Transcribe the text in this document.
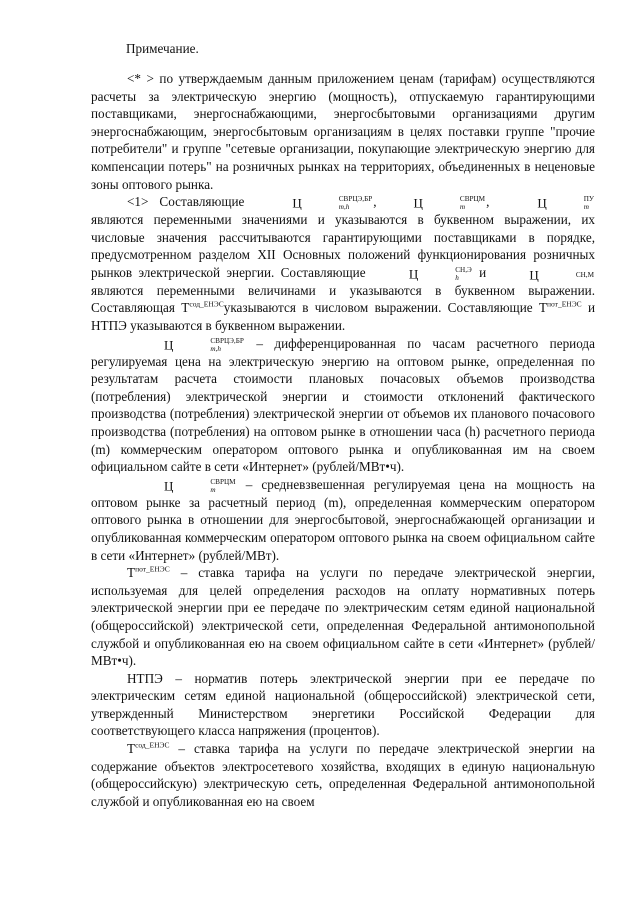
Примечание.

<* > по утверждаемым данным приложением ценам (тарифам) осуществляются расчеты за электрическую энергию (мощность), отпускаемую гарантирующими поставщиками, энергоснабжающими, энергосбытовыми организациями другим энергоснабжающим, энергосбытовым организациям в целях поставки группе "прочие потребители" и группе "сетевые организации, покупающие электрическую энергию для компенсации потерь" на розничных рынках на территориях, объединенных в неценовые зоны оптового рынка.

<1> Составляющие	Ц	СВРЦЭ,БР
m,h	,	Ц	СВРЦМ
m	,	Ц	ПУ
m
являются переменными значениями и указываются в буквенном выражении, их числовые значения рассчитываются гарантирующими поставщиками в порядке, предусмотренном разделом XII Основных положений функционирования розничных рынков электрической энергии. Составляющие	Ц	СН,Э
h	и	Ц	СН,М
являются переменными величинами и указываются в буквенном выражении. Составляющая $Т^{сод\_ЕНЭС}указываются$ в числовом выражении. Составляющие $Т^{пот\_ЕНЭС}$ и НТПЭ указываются в буквенном выражении.

Ц	СВРЦЭ,БР
m,h	– дифференцированная по часам расчетного периода регулируемая цена на электрическую энергию на оптовом рынке, определенная по результатам расчета стоимости плановых почасовых объемов производства (потребления) электрической энергии и стоимости отклонений фактического производства (потребления) электрической энергии от объемов их планового почасового производства (потребления) на оптовом рынке в отношении часа (h) расчетного периода (m) коммерческим оператором оптового рынка и опубликованная им на своем официальном сайте в сети «Интернет» (рублей/МВт•ч).

Ц	СВРЦМ
m	– средневзвешенная регулируемая цена на мощность на оптовом рынке за расчетный период (m), определенная коммерческим оператором оптового рынка в отношении для энергосбытовой, энергоснабжающей организации и опубликованная коммерческим оператором оптового рынка на своем официальном сайте в сети «Интернет» (рублей/МВт).

$Т^{пот\_ЕНЭС}$ – ставка тарифа на услуги по передаче электрической энергии, используемая для целей определения расходов на оплату нормативных потерь электрической энергии при ее передаче по электрическим сетям единой национальной (общероссийской) электрической сети, определенная Федеральной антимонопольной службой и опубликованная ею на своем официальном сайте в сети «Интернет» (рублей/МВт•ч).

НТПЭ – норматив потерь электрической энергии при ее передаче по электрическим сетям единой национальной (общероссийской) электрической сети, утвержденный Министерством энергетики Российской Федерации для соответствующего класса напряжения (процентов).

$Т^{сод\_ЕНЭС}$ – ставка тарифа на услуги по передаче электрической энергии на содержание объектов электросетевого хозяйства, входящих в единую национальную (общероссийскую) электрическую сеть, определенная Федеральной антимонопольной службой и опубликованная ею на своем
